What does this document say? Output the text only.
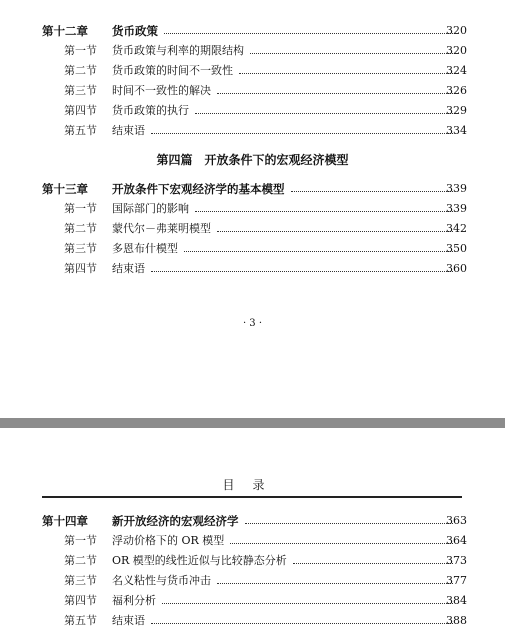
第十二章 货币政策	320
第一节 货币政策与利率的期限结构	320
第二节 货币政策的时间不一致性	324
第三节 时间不一致性的解决	326
第四节 货币政策的执行	329
第五节 结束语	334
第四篇　开放条件下的宏观经济模型
第十三章 开放条件下宏观经济学的基本模型	339
第一节 国际部门的影响	339
第二节 蒙代尔－弗莱明模型	342
第三节 多恩布什模型	350
第四节 结束语	360
· 3 ·
目录
第十四章 新开放经济的宏观经济学	363
第一节 浮动价格下的 OR 模型	364
第二节 OR 模型的线性近似与比较静态分析	373
第三节 名义粘性与货币冲击	377
第四节 福利分析	384
第五节 结束语	388
